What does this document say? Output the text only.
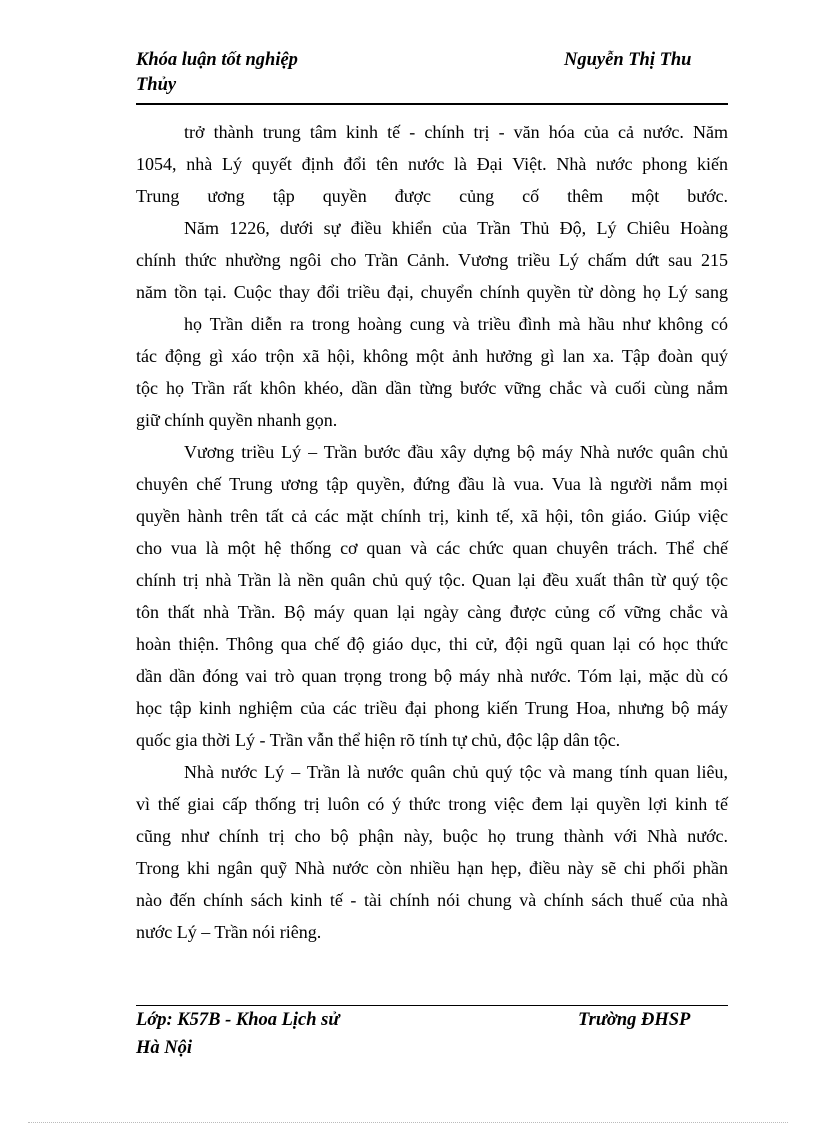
Khóa luận tốt nghiệp	Nguyễn Thị Thu
Thủy
trở thành trung tâm kinh tế - chính trị - văn hóa của cả nước. Năm
1054, nhà Lý quyết định đổi tên nước là Đại Việt. Nhà nước phong kiến
Trung ương tập quyền được củng cố thêm một bước.
Năm 1226, dưới sự điều khiển của Trần Thủ Độ, Lý Chiêu Hoàng
chính thức nhường ngôi cho Trần Cảnh. Vương triều Lý chấm dứt sau 215
năm tồn tại. Cuộc thay đổi triều đại, chuyển chính quyền từ dòng họ Lý sang
họ Trần diễn ra trong hoàng cung và triều đình mà hầu như không có
tác động gì xáo trộn xã hội, không một ảnh hưởng gì lan xa. Tập đoàn quý
tộc họ Trần rất khôn khéo, dần dần từng bước vững chắc và cuối cùng nắm
giữ chính quyền nhanh gọn.
Vương triều Lý – Trần bước đầu xây dựng bộ máy Nhà nước quân chủ
chuyên chế Trung ương tập quyền, đứng đầu là vua. Vua là người nắm mọi
quyền hành trên tất cả các mặt chính trị, kinh tế, xã hội, tôn giáo. Giúp việc
cho vua là một hệ thống cơ quan và các chức quan chuyên trách. Thể chế
chính trị nhà Trần là nền quân chủ quý tộc. Quan lại đều xuất thân từ quý tộc
tôn thất nhà Trần. Bộ máy quan lại ngày càng được củng cố vững chắc và
hoàn thiện. Thông qua chế độ giáo dục, thi cử, đội ngũ quan lại có học thức
dần dần đóng vai trò quan trọng trong bộ máy nhà nước. Tóm lại, mặc dù có
học tập kinh nghiệm của các triều đại phong kiến Trung Hoa, nhưng bộ máy
quốc gia thời Lý - Trần vẫn thể hiện rõ tính tự chủ, độc lập dân tộc.
Nhà nước Lý – Trần là nước quân chủ quý tộc và mang tính quan liêu,
vì thế giai cấp thống trị luôn có ý thức trong việc đem lại quyền lợi kinh tế
cũng như chính trị cho bộ phận này, buộc họ trung thành với Nhà nước.
Trong khi ngân quỹ Nhà nước còn nhiều hạn hẹp, điều này sẽ chi phối phần
nào đến chính sách kinh tế - tài chính nói chung và chính sách thuế của nhà
nước Lý – Trần nói riêng.
Lớp: K57B - Khoa Lịch sử	Trường ĐHSP
Hà Nội
